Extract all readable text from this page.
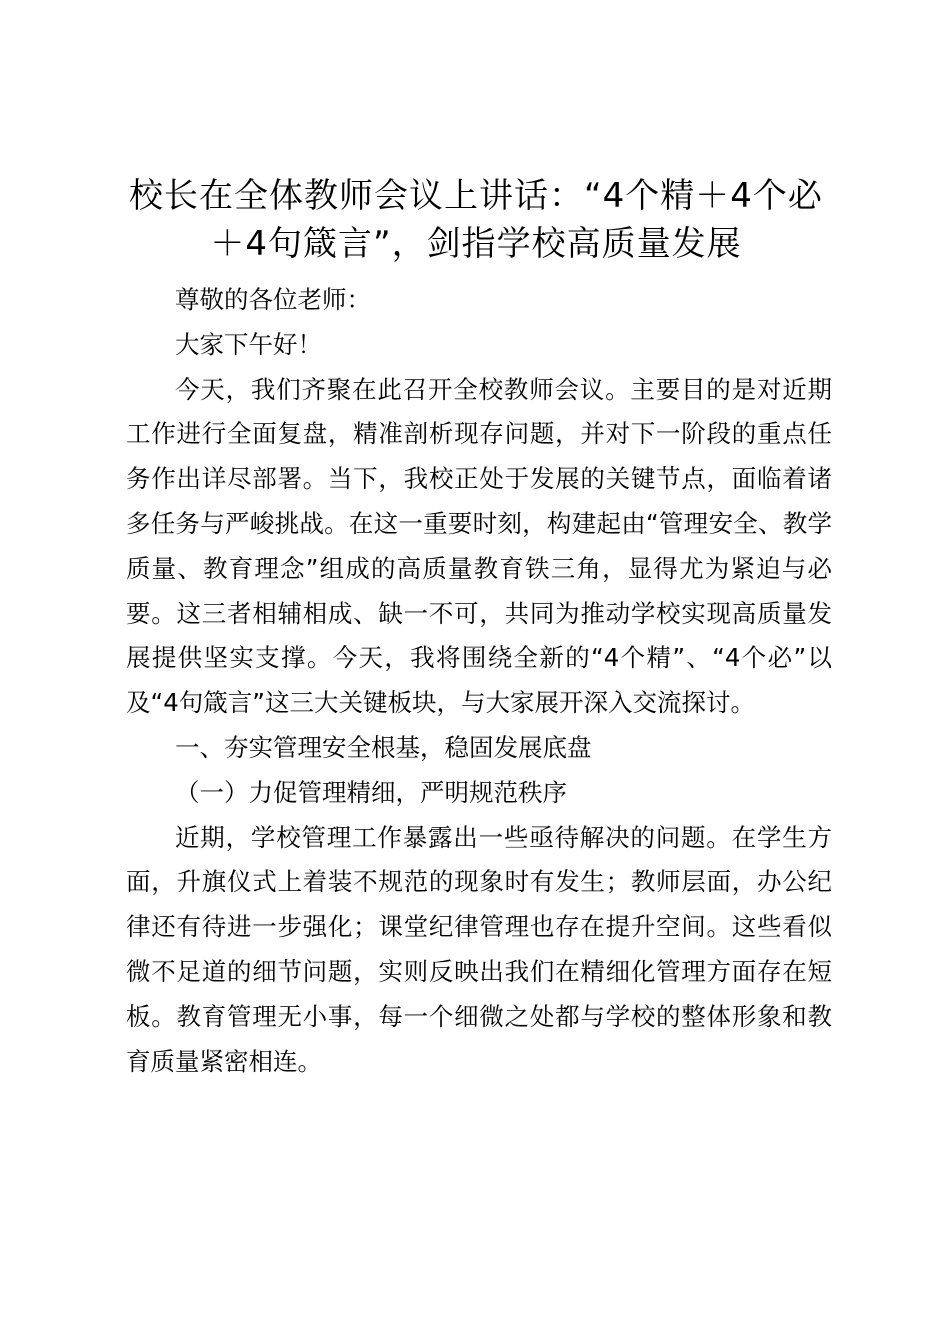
校长在全体教师会议上讲话：“4个精＋4个必＋4句箴言”，剑指学校高质量发展

尊敬的各位老师：

大家下午好！

今天，我们齐聚在此召开全校教师会议。主要目的是对近期工作进行全面复盘，精准剖析现存问题，并对下一阶段的重点任务作出详尽部署。当下，我校正处于发展的关键节点，面临着诸多任务与严峻挑战。在这一重要时刻，构建起由“管理安全、教学质量、教育理念”组成的高质量教育铁三角，显得尤为紧迫与必要。这三者相辅相成、缺一不可，共同为推动学校实现高质量发展提供坚实支撑。今天，我将围绕全新的“4个精”、“4个必”以及“4句箴言”这三大关键板块，与大家展开深入交流探讨。

一、夯实管理安全根基，稳固发展底盘

（一）力促管理精细，严明规范秩序

近期，学校管理工作暴露出一些亟待解决的问题。在学生方面，升旗仪式上着装不规范的现象时有发生；教师层面，办公纪律还有待进一步强化；课堂纪律管理也存在提升空间。这些看似微不足道的细节问题，实则反映出我们在精细化管理方面存在短板。教育管理无小事，每一个细微之处都与学校的整体形象和教育质量紧密相连。
